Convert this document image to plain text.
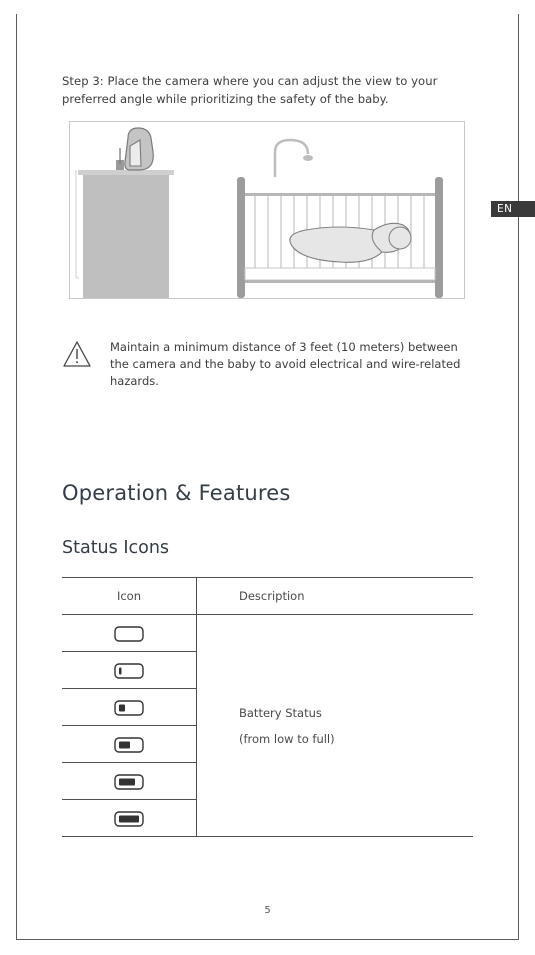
Step 3: Place the camera where you can adjust the view to your preferred angle while prioritizing the safety of the baby.

EN

Maintain a minimum distance of 3 feet (10 meters) between the camera and the baby to avoid electrical and wire-related hazards.

Operation & Features
Status Icons
Icon	Description

Battery Status
(from low to full)

5
